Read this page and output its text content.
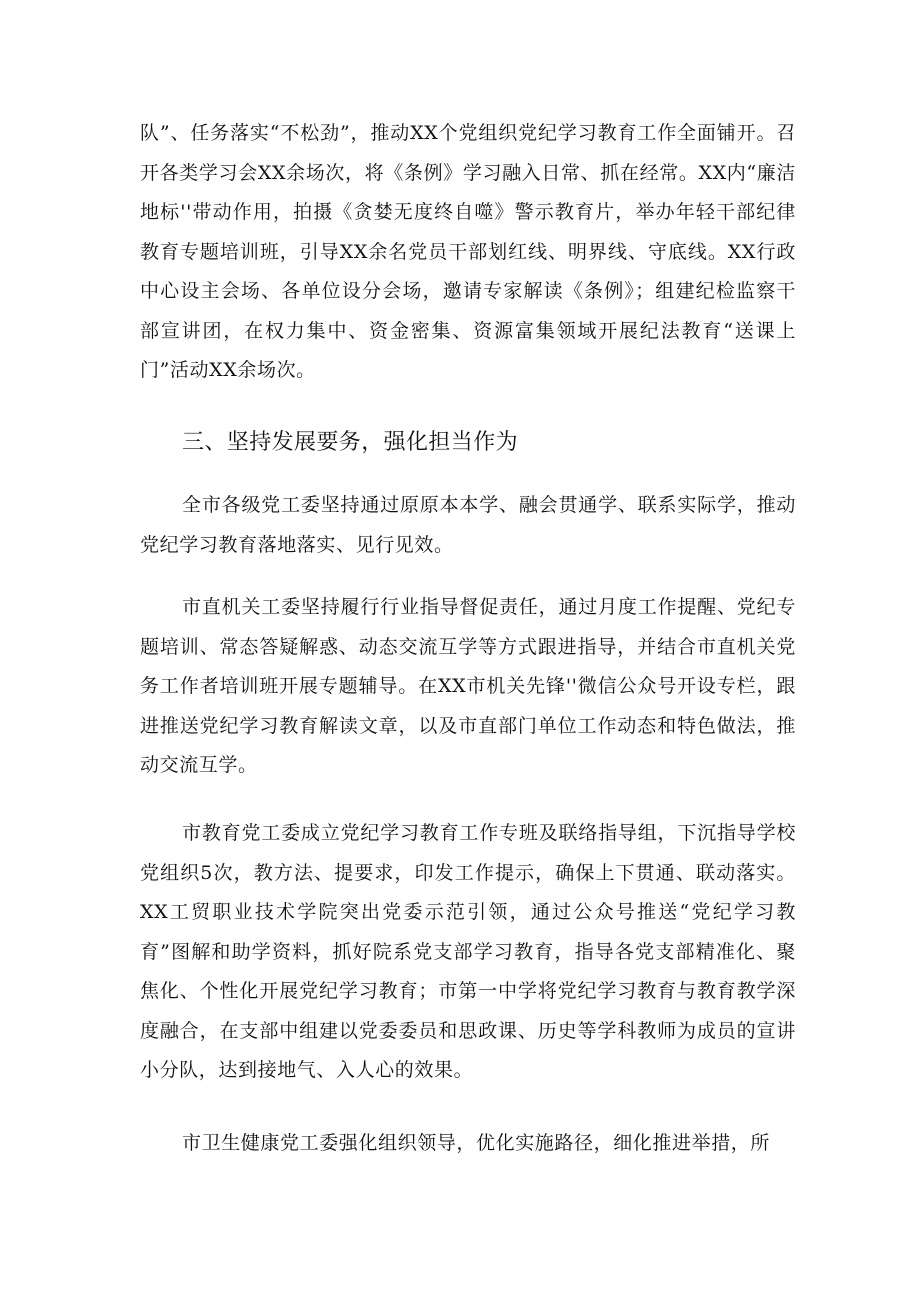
队”、任务落实“不松劲”，推动XX个党组织党纪学习教育工作全面铺开。召开各类学习会XX余场次，将《条例》学习融入日常、抓在经常。XX内“廉洁地标''带动作用，拍摄《贪婪无度终自噬》警示教育片，举办年轻干部纪律教育专题培训班，引导XX余名党员干部划红线、明界线、守底线。XX行政中心设主会场、各单位设分会场，邀请专家解读《条例》；组建纪检监察干部宣讲团，在权力集中、资金密集、资源富集领域开展纪法教育“送课上门”活动XX余场次。

三、坚持发展要务，强化担当作为

全市各级党工委坚持通过原原本本学、融会贯通学、联系实际学，推动党纪学习教育落地落实、见行见效。

市直机关工委坚持履行行业指导督促责任，通过月度工作提醒、党纪专题培训、常态答疑解惑、动态交流互学等方式跟进指导，并结合市直机关党务工作者培训班开展专题辅导。在XX市机关先锋''微信公众号开设专栏，跟进推送党纪学习教育解读文章，以及市直部门单位工作动态和特色做法，推动交流互学。

市教育党工委成立党纪学习教育工作专班及联络指导组，下沉指导学校党组织5次，教方法、提要求，印发工作提示，确保上下贯通、联动落实。XX工贸职业技术学院突出党委示范引领，通过公众号推送“党纪学习教育”图解和助学资料，抓好院系党支部学习教育，指导各党支部精准化、聚焦化、个性化开展党纪学习教育；市第一中学将党纪学习教育与教育教学深度融合，在支部中组建以党委委员和思政课、历史等学科教师为成员的宣讲小分队，达到接地气、入人心的效果。

市卫生健康党工委强化组织领导，优化实施路径，细化推进举措，所
